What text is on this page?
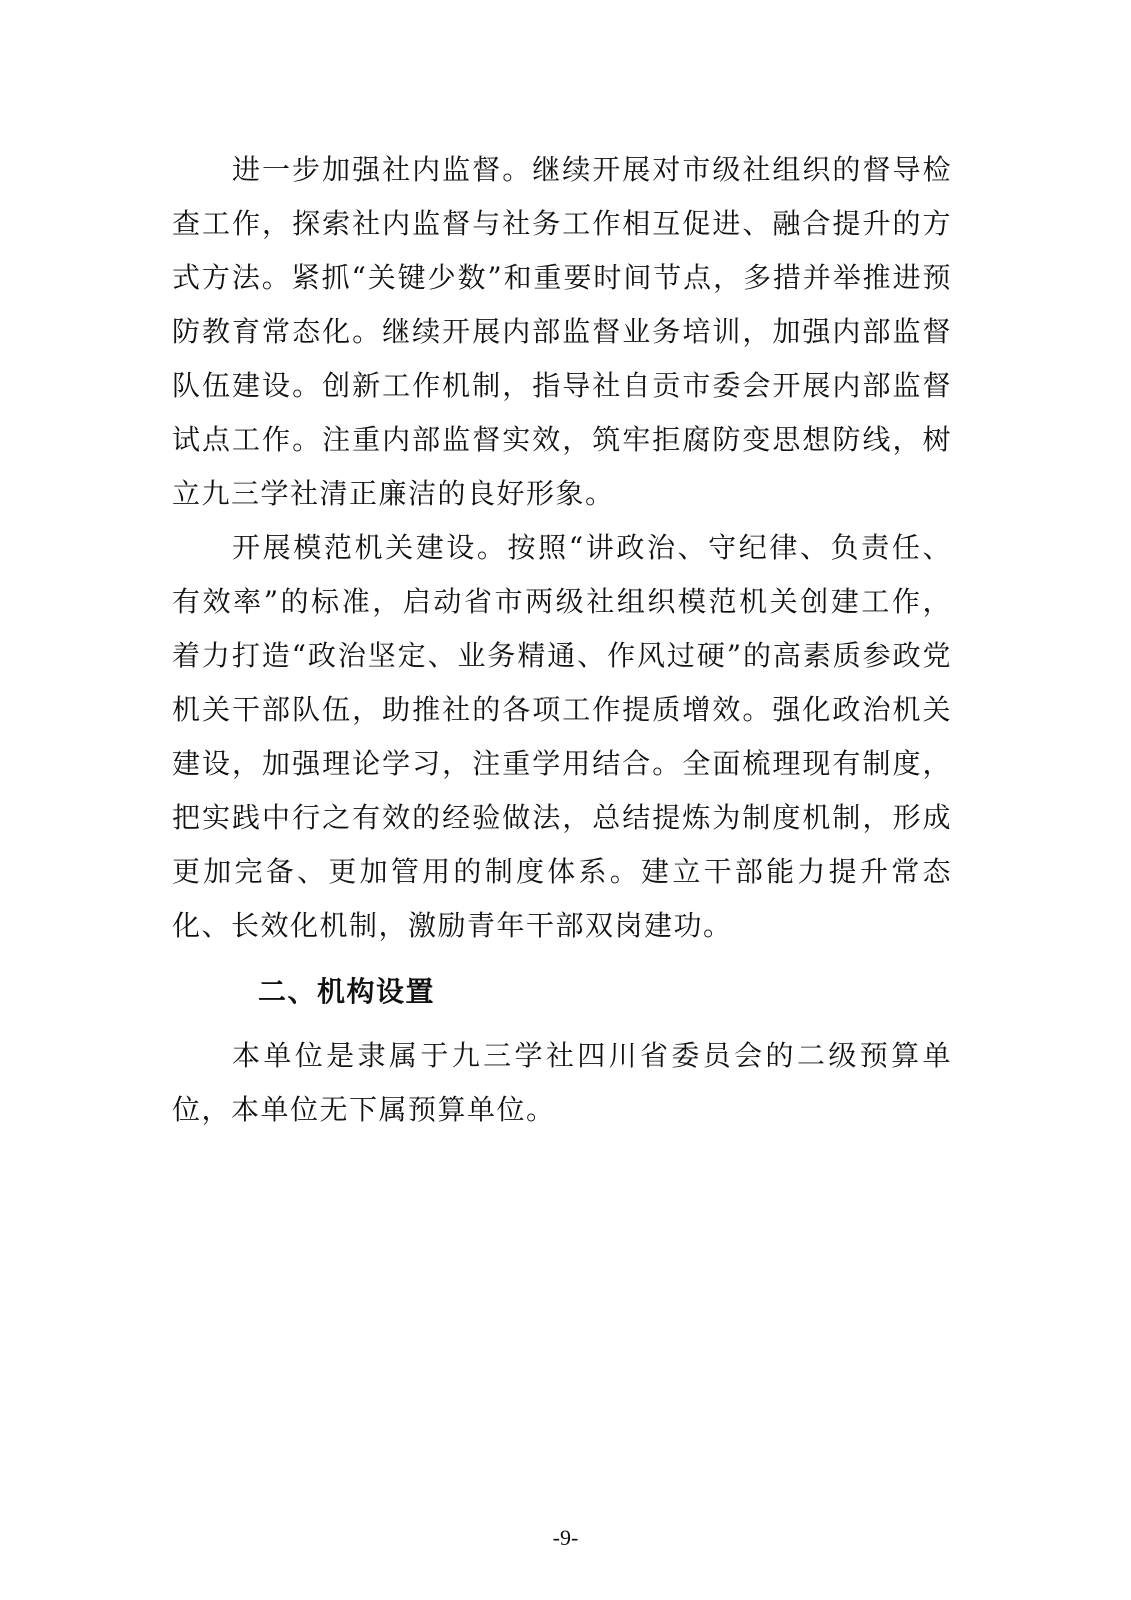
进一步加强社内监督。继续开展对市级社组织的督导检查工作，探索社内监督与社务工作相互促进、融合提升的方式方法。紧抓“关键少数”和重要时间节点，多措并举推进预防教育常态化。继续开展内部监督业务培训，加强内部监督队伍建设。创新工作机制，指导社自贡市委会开展内部监督试点工作。注重内部监督实效，筑牢拒腐防变思想防线，树立九三学社清正廉洁的良好形象。

开展模范机关建设。按照“讲政治、守纪律、负责任、有效率”的标准，启动省市两级社组织模范机关创建工作，着力打造“政治坚定、业务精通、作风过硬”的高素质参政党机关干部队伍，助推社的各项工作提质增效。强化政治机关建设，加强理论学习，注重学用结合。全面梳理现有制度，把实践中行之有效的经验做法，总结提炼为制度机制，形成更加完备、更加管用的制度体系。建立干部能力提升常态化、长效化机制，激励青年干部双岗建功。

二、机构设置

本单位是隶属于九三学社四川省委员会的二级预算单位，本单位无下属预算单位。

-9-
